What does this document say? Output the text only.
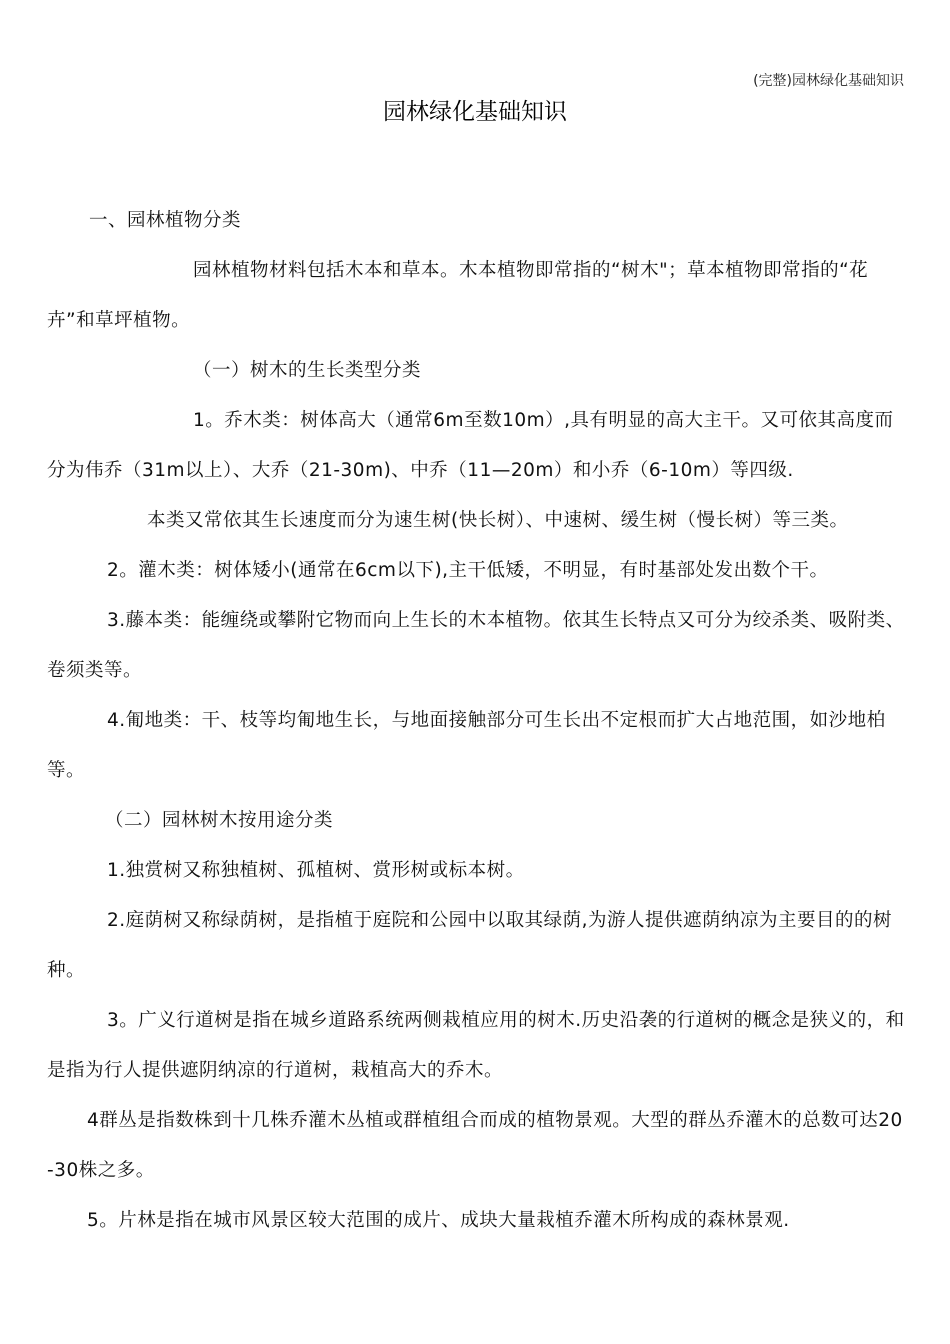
(完整)园林绿化基础知识
园林绿化基础知识

一、园林植物分类

园林植物材料包括木本和草本。木本植物即常指的“树木"；草本植物即常指的“花卉”和草坪植物。

（一）树木的生长类型分类

1。乔木类：树体高大（通常6m至数10m）,具有明显的高大主干。又可依其高度而分为伟乔（31m以上）、大乔（21-30m)、中乔（11—20m）和小乔（6-10m）等四级.

本类又常依其生长速度而分为速生树(快长树）、中速树、缓生树（慢长树）等三类。

2。灌木类：树体矮小(通常在6cm以下),主干低矮，不明显，有时基部处发出数个干。

3.藤本类：能缠绕或攀附它物而向上生长的木本植物。依其生长特点又可分为绞杀类、吸附类、卷须类等。

4.匍地类：干、枝等均匍地生长，与地面接触部分可生长出不定根而扩大占地范围，如沙地柏等。

（二）园林树木按用途分类

1.独赏树又称独植树、孤植树、赏形树或标本树。

2.庭荫树又称绿荫树，是指植于庭院和公园中以取其绿荫,为游人提供遮荫纳凉为主要目的的树种。

3。广义行道树是指在城乡道路系统两侧栽植应用的树木.历史沿袭的行道树的概念是狭义的，和是指为行人提供遮阴纳凉的行道树，栽植高大的乔木。

4群丛是指数株到十几株乔灌木丛植或群植组合而成的植物景观。大型的群丛乔灌木的总数可达20-30株之多。

5。片林是指在城市风景区较大范围的成片、成块大量栽植乔灌木所构成的森林景观.
